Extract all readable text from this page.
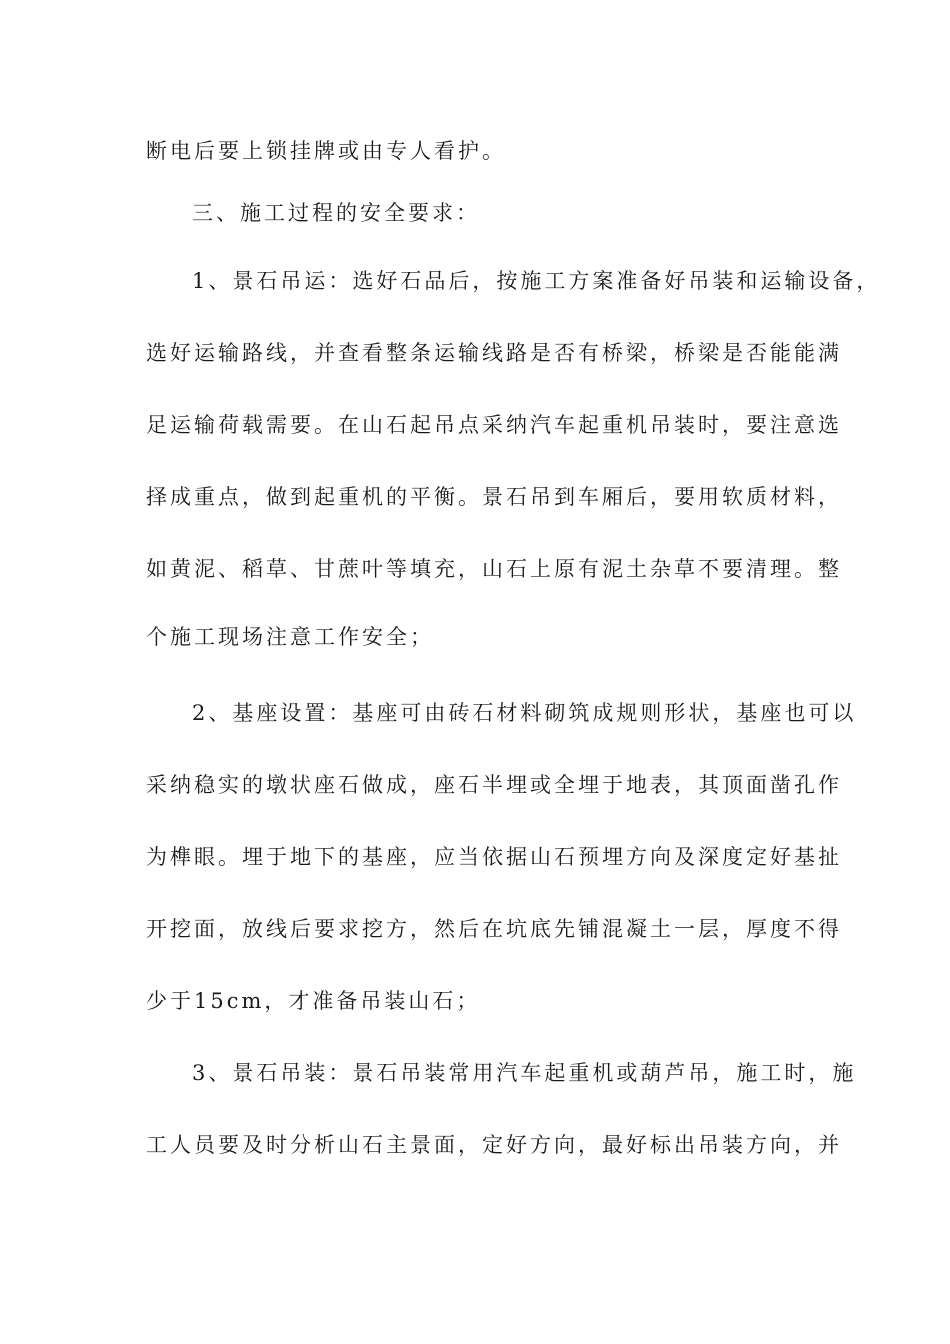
断电后要上锁挂牌或由专人看护。
三、施工过程的安全要求：
1、景石吊运：选好石品后，按施工方案准备好吊装和运输设备，
选好运输路线，并查看整条运输线路是否有桥梁，桥梁是否能能满
足运输荷载需要。在山石起吊点采纳汽车起重机吊装时，要注意选
择成重点，做到起重机的平衡。景石吊到车厢后，要用软质材料，
如黄泥、稻草、甘蔗叶等填充，山石上原有泥土杂草不要清理。整
个施工现场注意工作安全；
2、基座设置：基座可由砖石材料砌筑成规则形状，基座也可以
采纳稳实的墩状座石做成，座石半埋或全埋于地表，其顶面凿孔作
为榫眼。埋于地下的基座，应当依据山石预埋方向及深度定好基扯
开挖面，放线后要求挖方，然后在坑底先铺混凝土一层，厚度不得
少于15cm，才准备吊装山石；
3、景石吊装：景石吊装常用汽车起重机或葫芦吊，施工时，施
工人员要及时分析山石主景面，定好方向，最好标出吊装方向，并
